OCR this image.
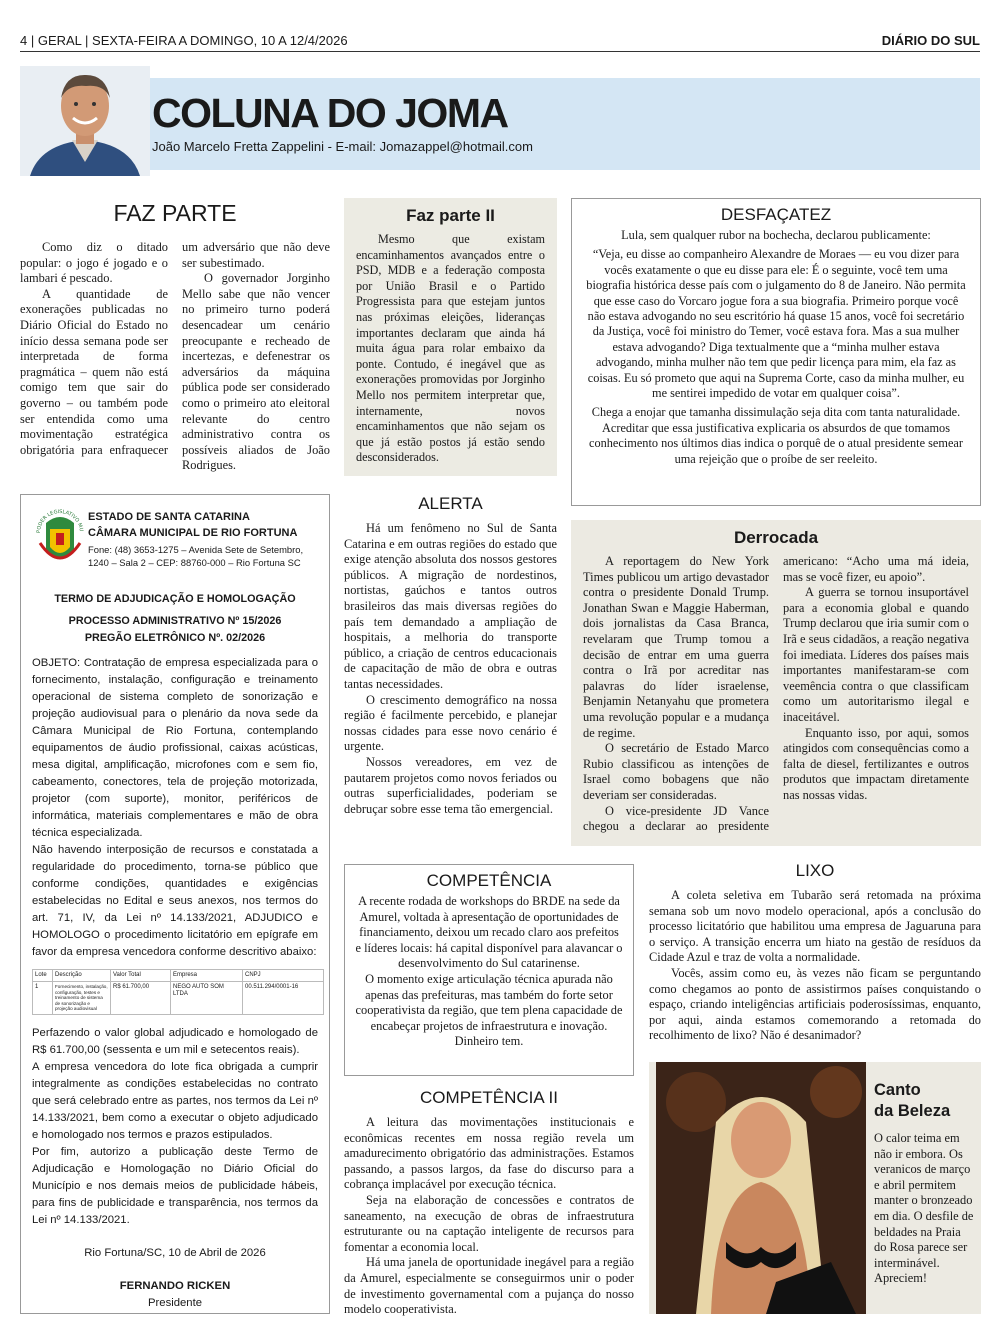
4 | GERAL | SEXTA-FEIRA A DOMINGO, 10 A 12/4/2026	DIÁRIO DO SUL
COLUNA DO JOMA
João Marcelo Fretta Zappelini - E-mail: Jomazappel@hotmail.com
FAZ PARTE

Como diz o ditado popular: o jogo é jogado e o lambari é pescado.

A quantidade de exonerações publicadas no Diário Oficial do Estado no início dessa semana pode ser interpretada de forma pragmática – quem não está comigo tem que sair do governo – ou também pode ser entendida como uma movimentação estratégica obrigatória para enfraquecer um adversário que não deve ser subestimado.

O governador Jorginho Mello sabe que não vencer no primeiro turno poderá desencadear um cenário preocupante e recheado de incertezas, e defenestrar os adversários da máquina pública pode ser considerado como o primeiro ato eleitoral relevante do centro administrativo contra os possíveis aliados de João Rodrigues.

Faz parte II

Mesmo que existam encaminhamentos avançados entre o PSD, MDB e a federação composta por União Brasil e o Partido Progressista para que estejam juntos nas próximas eleições, lideranças importantes declaram que ainda há muita água para rolar embaixo da ponte. Contudo, é inegável que as exonerações promovidas por Jorginho Mello nos permitem interpretar que, internamente, novos encaminhamentos que não sejam os que já estão postos já estão sendo desconsiderados.

DESFAÇATEZ

Lula, sem qualquer rubor na bochecha, declarou publicamente:

“Veja, eu disse ao companheiro Alexandre de Moraes — eu vou dizer para vocês exatamente o que eu disse para ele: É o seguinte, você tem uma biografia histórica desse país com o julgamento do 8 de Janeiro. Não permita que esse caso do Vorcaro jogue fora a sua biografia. Primeiro porque você não estava advogando no seu escritório há quase 15 anos, você foi secretário da Justiça, você foi ministro do Temer, você estava fora. Mas a sua mulher estava advogando? Diga textualmente que a “minha mulher estava advogando, minha mulher não tem que pedir licença para mim, ela faz as coisas. Eu só prometo que aqui na Suprema Corte, caso da minha mulher, eu me sentirei impedido de votar em qualquer coisa”.

Chega a enojar que tamanha dissimulação seja dita com tanta naturalidade. Acreditar que essa justificativa explicaria os absurdos de que tomamos conhecimento nos últimos dias indica o porquê de o atual presidente semear uma rejeição que o proíbe de ser reeleito.

ALERTA

Há um fenômeno no Sul de Santa Catarina e em outras regiões do estado que exige atenção absoluta dos nossos gestores públicos. A migração de nordestinos, nortistas, gaúchos e tantos outros brasileiros das mais diversas regiões do país tem demandado a ampliação de hospitais, a melhoria do transporte público, a criação de centros educacionais de capacitação de mão de obra e outras tantas necessidades.

O crescimento demográfico na nossa região é facilmente percebido, e planejar nossas cidades para esse novo cenário é urgente.

Nossos vereadores, em vez de pautarem projetos como novos feriados ou outras superficialidades, poderiam se debruçar sobre esse tema tão emergencial.

Derrocada

A reportagem do New York Times publicou um artigo devastador contra o presidente Donald Trump. Jonathan Swan e Maggie Haberman, dois jornalistas da Casa Branca, revelaram que Trump tomou a decisão de entrar em uma guerra contra o Irã por acreditar nas palavras do líder israelense, Benjamin Netanyahu que prometera uma revolução popular e a mudança de regime.

O secretário de Estado Marco Rubio classificou as intenções de Israel como bobagens que não deveriam ser consideradas.

O vice-presidente JD Vance chegou a declarar ao presidente americano: “Acho uma má ideia, mas se você fizer, eu apoio”.

A guerra se tornou insuportável para a economia global e quando Trump declarou que iria sumir com o Irã e seus cidadãos, a reação negativa foi imediata. Líderes dos países mais importantes manifestaram-se com veemência contra o que classificam como um autoritarismo ilegal e inaceitável.

Enquanto isso, por aqui, somos atingidos com consequências como a falta de diesel, fertilizantes e outros produtos que impactam diretamente nas nossas vidas.

COMPETÊNCIA

A recente rodada de workshops do BRDE na sede da Amurel, voltada à apresentação de oportunidades de financiamento, deixou um recado claro aos prefeitos e líderes locais: há capital disponível para alavancar o desenvolvimento do Sul catarinense.

O momento exige articulação técnica apurada não apenas das prefeituras, mas também do forte setor cooperativista da região, que tem plena capacidade de encabeçar projetos de infraestrutura e inovação. Dinheiro tem.

COMPETÊNCIA II

A leitura das movimentações institucionais e econômicas recentes em nossa região revela um amadurecimento obrigatório das administrações. Estamos passando, a passos largos, da fase do discurso para a cobrança implacável por execução técnica.

Seja na elaboração de concessões e contratos de saneamento, na execução de obras de infraestrutura estruturante ou na captação inteligente de recursos para fomentar a economia local.

Há uma janela de oportunidade inegável para a região da Amurel, especialmente se conseguirmos unir o poder de investimento governamental com a pujança do nosso modelo cooperativista.

LIXO

A coleta seletiva em Tubarão será retomada na próxima semana sob um novo modelo operacional, após a conclusão do processo licitatório que habilitou uma empresa de Jaguaruna para o serviço. A transição encerra um hiato na gestão de resíduos da Cidade Azul e traz de volta a normalidade.

Vocês, assim como eu, às vezes não ficam se perguntando como chegamos ao ponto de assistirmos países conquistando o espaço, criando inteligências artificiais poderosíssimas, enquanto, por aqui, ainda estamos comemorando a retomada do recolhimento de lixo? Não é desanimador?

Canto
da Beleza
O calor teima em não ir embora. Os veranicos de março e abril permitem manter o bronzeado em dia. O desfile de beldades na Praia do Rosa parece ser interminável. Apreciem!
PODER LEGISLATIVO MU
ESTADO DE SANTA CATARINA
CÂMARA MUNICIPAL DE RIO FORTUNA
Fone: (48) 3653-1275 – Avenida Sete de Setembro, 1240 – Sala 2 – CEP: 88760-000 – Rio Fortuna SC
TERMO DE ADJUDICAÇÃO E HOMOLOGAÇÃO
PROCESSO ADMINISTRATIVO Nº 15/2026
PREGÃO ELETRÔNICO Nº. 02/2026
OBJETO: Contratação de empresa especializada para o fornecimento, instalação, configuração e treinamento operacional de sistema completo de sonorização e projeção audiovisual para o plenário da nova sede da Câmara Municipal de Rio Fortuna, contemplando equipamentos de áudio profissional, caixas acústicas, mesa digital, amplificação, microfones com e sem fio, cabeamento, conectores, tela de projeção motorizada, projetor (com suporte), monitor, periféricos de informática, materiais complementares e mão de obra técnica especializada.
Não havendo interposição de recursos e constatada a regularidade do procedimento, torna-se público que conforme condições, quantidades e exigências estabelecidas no Edital e seus anexos, nos termos do art. 71, IV, da Lei nº 14.133/2021, ADJUDICO e HOMOLOGO o procedimento licitatório em epígrafe em favor da empresa vencedora conforme descritivo abaixo:
Lote	Descrição	Valor Total	Empresa	CNPJ
1	Fornecimento, instalação, configuração, testes e treinamento de sistema de sonorização e projeção audiovisual	R$ 61.700,00	NEGO AUTO SOM LTDA	00.511.294/0001-16
Perfazendo o valor global adjudicado e homologado de R$ 61.700,00 (sessenta e um mil e setecentos reais).
A empresa vencedora do lote fica obrigada a cumprir integralmente as condições estabelecidas no contrato que será celebrado entre as partes, nos termos da Lei nº 14.133/2021, bem como a executar o objeto adjudicado e homologado nos termos e prazos estipulados.
Por fim, autorizo a publicação deste Termo de Adjudicação e Homologação no Diário Oficial do Município e nos demais meios de publicidade hábeis, para fins de publicidade e transparência, nos termos da Lei nº 14.133/2021.
Rio Fortuna/SC, 10 de Abril de 2026
FERNANDO RICKEN
Presidente
